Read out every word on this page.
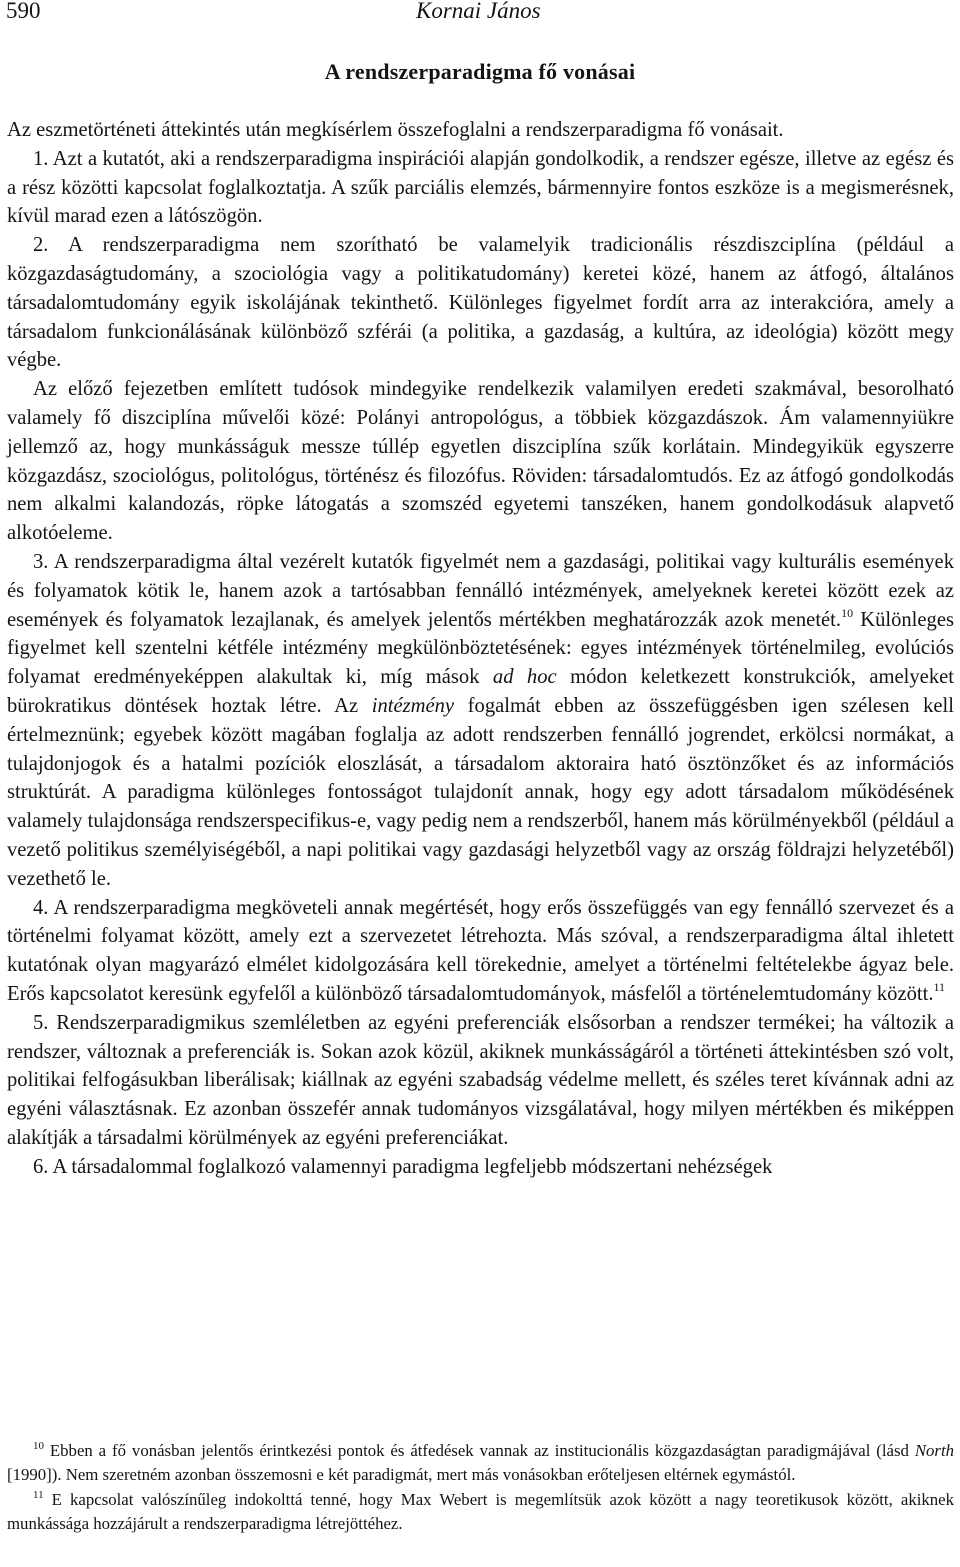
590	Kornai János
A rendszerparadigma fő vonásai

Az eszmetörténeti áttekintés után megkísérlem összefoglalni a rendszerparadigma fő vonásait.

1. Azt a kutatót, aki a rendszerparadigma inspirációi alapján gondolkodik, a rendszer egésze, illetve az egész és a rész közötti kapcsolat foglalkoztatja. A szűk parciális elemzés, bármennyire fontos eszköze is a megismerésnek, kívül marad ezen a látószögön.

2. A rendszerparadigma nem szorítható be valamelyik tradicionális részdiszciplína (például a közgazdaságtudomány, a szociológia vagy a politikatudomány) keretei közé, hanem az átfogó, általános társadalomtudomány egyik iskolájának tekinthető. Különleges figyelmet fordít arra az interakcióra, amely a társadalom funkcionálásának különböző szférái (a politika, a gazdaság, a kultúra, az ideológia) között megy végbe.

Az előző fejezetben említett tudósok mindegyike rendelkezik valamilyen eredeti szakmával, besorolható valamely fő diszciplína művelői közé: Polányi antropológus, a többiek közgazdászok. Ám valamennyiükre jellemző az, hogy munkásságuk messze túllép egyetlen diszciplína szűk korlátain. Mindegyikük egyszerre közgazdász, szociológus, politológus, történész és filozófus. Röviden: társadalomtudós. Ez az átfogó gondolkodás nem alkalmi kalandozás, röpke látogatás a szomszéd egyetemi tanszéken, hanem gondolkodásuk alapvető alkotóeleme.

3. A rendszerparadigma által vezérelt kutatók figyelmét nem a gazdasági, politikai vagy kulturális események és folyamatok kötik le, hanem azok a tartósabban fennálló intézmények, amelyeknek keretei között ezek az események és folyamatok lezajlanak, és amelyek jelentős mértékben meghatározzák azok menetét.$^{10}$ Különleges figyelmet kell szentelni kétféle intézmény megkülönböztetésének: egyes intézmények történelmileg, evolúciós folyamat eredményeképpen alakultak ki, míg mások ad hoc módon keletkezett konstrukciók, amelyeket bürokratikus döntések hoztak létre. Az intézmény fogalmát ebben az összefüggésben igen szélesen kell értelmeznünk; egyebek között magában foglalja az adott rendszerben fennálló jogrendet, erkölcsi normákat, a tulajdonjogok és a hatalmi pozíciók eloszlását, a társadalom aktoraira ható ösztönzőket és az információs struktúrát. A paradigma különleges fontosságot tulajdonít annak, hogy egy adott társadalom működésének valamely tulajdonsága rendszerspecifikus-e, vagy pedig nem a rendszerből, hanem más körülményekből (például a vezető politikus személyiségéből, a napi politikai vagy gazdasági helyzetből vagy az ország földrajzi helyzetéből) vezethető le.

4. A rendszerparadigma megköveteli annak megértését, hogy erős összefüggés van egy fennálló szervezet és a történelmi folyamat között, amely ezt a szervezetet létrehozta. Más szóval, a rendszerparadigma által ihletett kutatónak olyan magyarázó elmélet kidolgozására kell törekednie, amelyet a történelmi feltételekbe ágyaz bele. Erős kapcsolatot keresünk egyfelől a különböző társadalomtudományok, másfelől a történelemtudomány között.$^{11}$

5. Rendszerparadigmikus szemléletben az egyéni preferenciák elsősorban a rendszer termékei; ha változik a rendszer, változnak a preferenciák is. Sokan azok közül, akiknek munkásságáról a történeti áttekintésben szó volt, politikai felfogásukban liberálisak; kiállnak az egyéni szabadság védelme mellett, és széles teret kívánnak adni az egyéni választásnak. Ez azonban összefér annak tudományos vizsgálatával, hogy milyen mértékben és miképpen alakítják a társadalmi körülmények az egyéni preferenciákat.

6. A társadalommal foglalkozó valamennyi paradigma legfeljebb módszertani nehézségek

$^{10}$ Ebben a fő vonásban jelentős érintkezési pontok és átfedések vannak az institucionális közgazdaságtan paradigmájával (lásd North [1990]). Nem szeretném azonban összemosni e két paradigmát, mert más vonásokban erőteljesen eltérnek egymástól.

$^{11}$ E kapcsolat valószínűleg indokolttá tenné, hogy Max Webert is megemlítsük azok között a nagy teoretikusok között, akiknek munkássága hozzájárult a rendszerparadigma létrejöttéhez.
